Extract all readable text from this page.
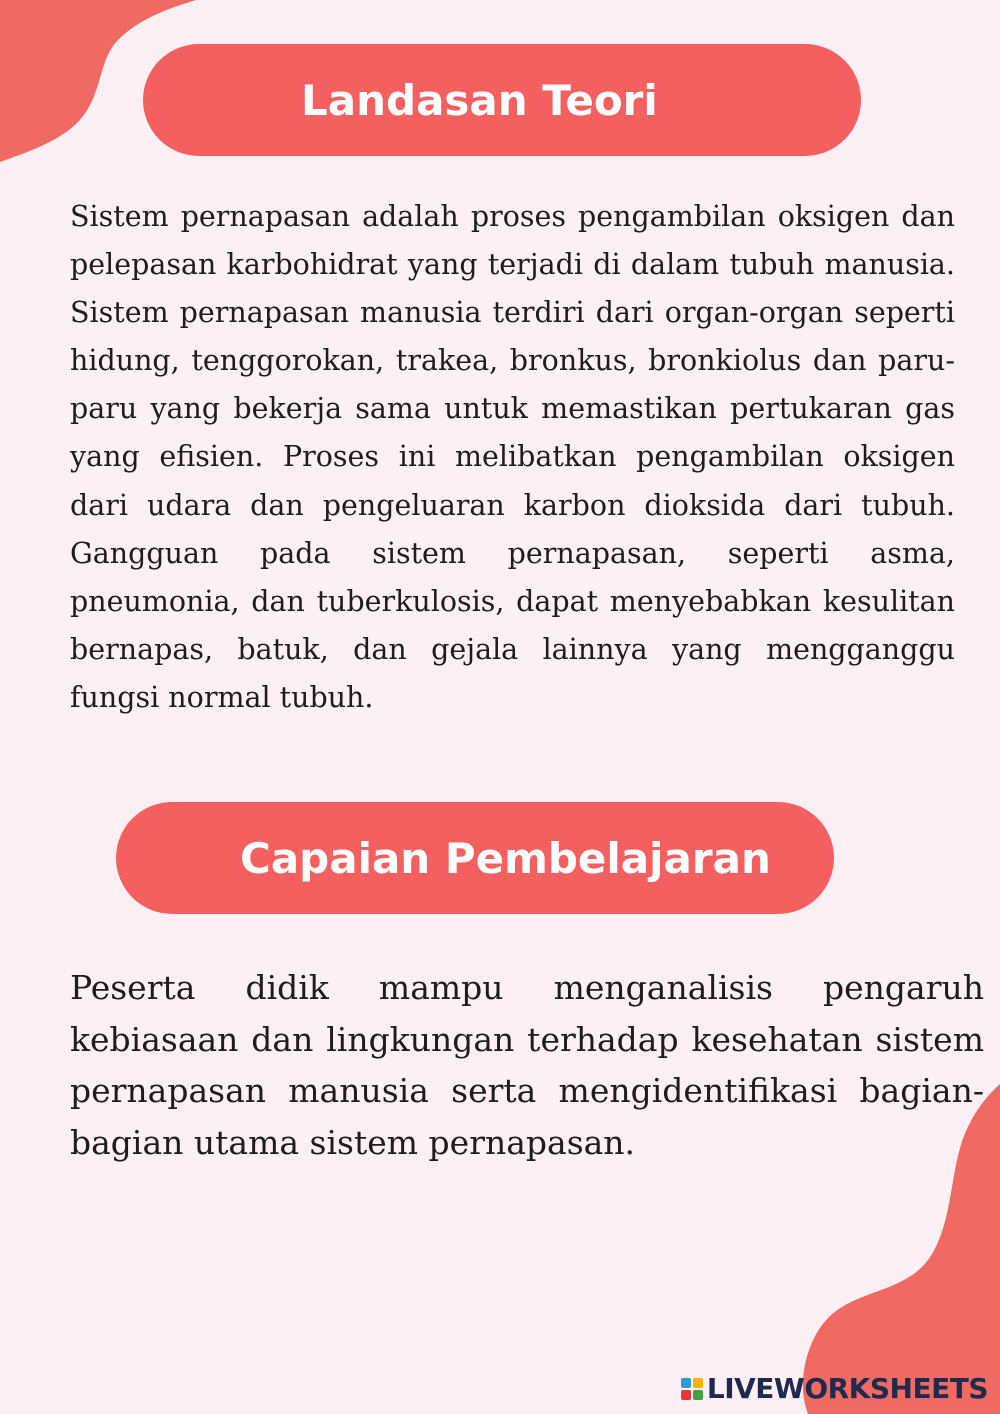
Landasan Teori

Sistem pernapasan adalah proses pengambilan oksigen dan pelepasan karbohidrat yang terjadi di dalam tubuh manusia. Sistem pernapasan manusia terdiri dari organ-organ seperti hidung, tenggorokan, trakea, bronkus, bronkiolus dan paru-paru yang bekerja sama untuk memastikan pertukaran gas yang efisien. Proses ini melibatkan pengambilan oksigen dari udara dan pengeluaran karbon dioksida dari tubuh. Gangguan pada sistem pernapasan, seperti asma, pneumonia, dan tuberkulosis, dapat menyebabkan kesulitan bernapas, batuk, dan gejala lainnya yang mengganggu fungsi normal tubuh.

Capaian Pembelajaran

Peserta didik mampu menganalisis pengaruh kebiasaan dan lingkungan terhadap kesehatan sistem pernapasan manusia serta mengidentifikasi bagian-bagian utama sistem pernapasan.

LIVEWORKSHEETS
